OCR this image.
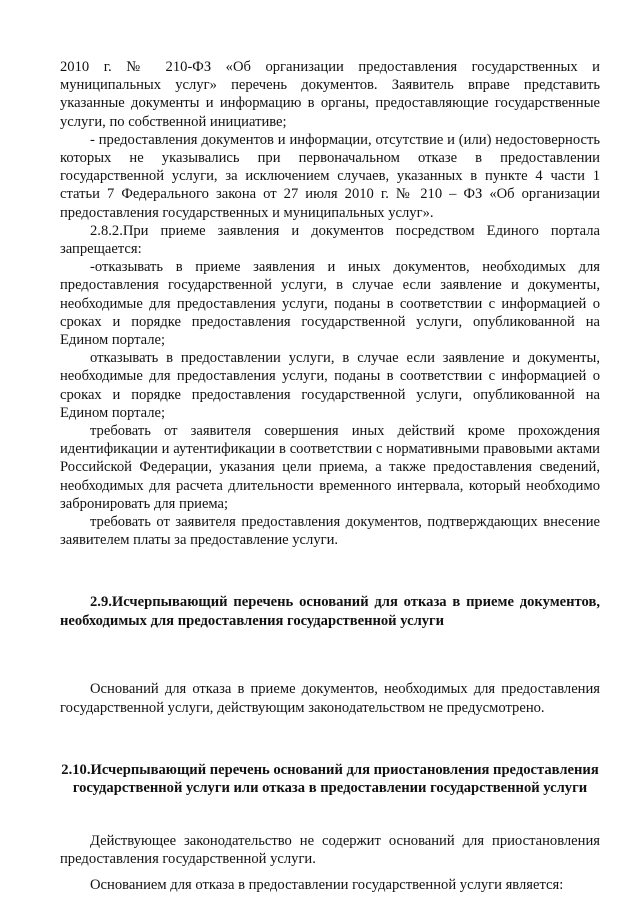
2010 г. № 210-ФЗ «Об организации предоставления государственных и муниципальных услуг» перечень документов. Заявитель вправе представить указанные документы и информацию в органы, предоставляющие государственные услуги, по собственной инициативе;

- предоставления документов и информации, отсутствие и (или) недостоверность которых не указывались при первоначальном отказе в предоставлении государственной услуги, за исключением случаев, указанных в пункте 4 части 1 статьи 7 Федерального закона от 27 июля 2010 г. № 210 – ФЗ «Об организации предоставления государственных и муниципальных услуг».

2.8.2.При приеме заявления и документов посредством Единого портала запрещается:

-отказывать в приеме заявления и иных документов, необходимых для предоставления государственной услуги, в случае если заявление и документы, необходимые для предоставления услуги, поданы в соответствии с информацией о сроках и порядке предоставления государственной услуги, опубликованной на Едином портале;

отказывать в предоставлении услуги, в случае если заявление и документы, необходимые для предоставления услуги, поданы в соответствии с информацией о сроках и порядке предоставления государственной услуги, опубликованной на Едином портале;

требовать от заявителя совершения иных действий кроме прохождения идентификации и аутентификации в соответствии с нормативными правовыми актами Российской Федерации, указания цели приема, а также предоставления сведений, необходимых для расчета длительности временного интервала, который необходимо забронировать для приема;

требовать от заявителя предоставления документов, подтверждающих внесение заявителем платы за предоставление услуги.

2.9.Исчерпывающий перечень оснований для отказа в приеме документов, необходимых для предоставления государственной услуги

Оснований для отказа в приеме документов, необходимых для предоставления государственной услуги, действующим законодательством не предусмотрено.

2.10.Исчерпывающий перечень оснований для приостановления предоставления государственной услуги или отказа в предоставлении государственной услуги

Действующее законодательство не содержит оснований для приостановления предоставления государственной услуги.

Основанием для отказа в предоставлении государственной услуги является:
